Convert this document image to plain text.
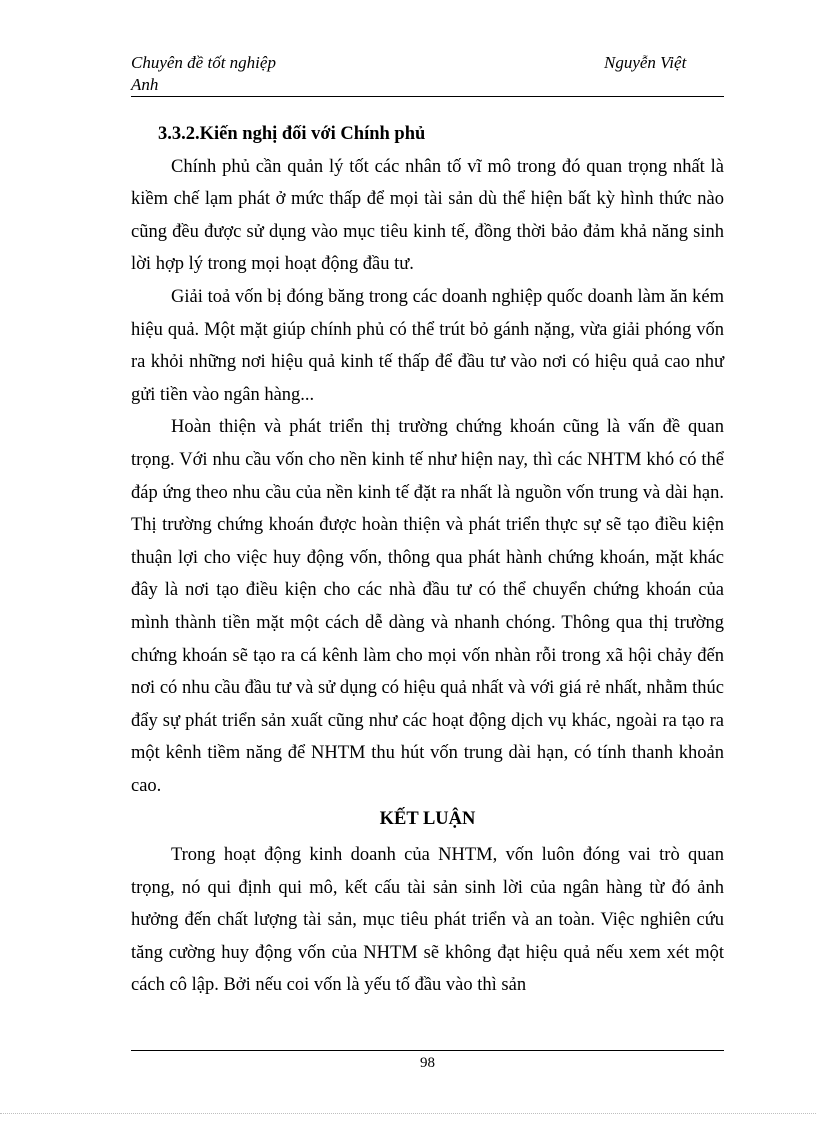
Chuyên đề tốt nghiệp
Anh
Nguyễn Việt
3.3.2.Kiến nghị đối với Chính phủ

Chính phủ cần quản lý tốt các nhân tố vĩ mô trong đó quan trọng nhất là kiềm chế lạm phát ở mức thấp để mọi tài sản dù thể hiện bất kỳ hình thức nào cũng đều được sử dụng vào mục tiêu kinh tế, đồng thời bảo đảm khả năng sinh lời hợp lý trong mọi hoạt động đầu tư.

Giải toả vốn bị đóng băng trong các doanh nghiệp quốc doanh làm ăn kém hiệu quả. Một mặt giúp chính phủ có thể trút bỏ gánh nặng, vừa giải phóng vốn ra khỏi những nơi hiệu quả kinh tế thấp để đầu tư vào nơi có hiệu quả cao như gửi tiền vào ngân hàng...

Hoàn thiện và phát triển thị trường chứng khoán cũng là vấn đề quan trọng. Với nhu cầu vốn cho nền kinh tế như hiện nay, thì các NHTM khó có thể đáp ứng theo nhu cầu của nền kinh tế đặt ra nhất là nguồn vốn trung và dài hạn. Thị trường chứng khoán được hoàn thiện và phát triển thực sự sẽ tạo điều kiện thuận lợi cho việc huy động vốn, thông qua phát hành chứng khoán, mặt khác đây là nơi tạo điều kiện cho các nhà đầu tư có thể chuyển chứng khoán của mình thành tiền mặt một cách dễ dàng và nhanh chóng. Thông qua thị trường chứng khoán sẽ tạo ra cá kênh làm cho mọi vốn nhàn rỗi trong xã hội chảy đến nơi có nhu cầu đầu tư và sử dụng có hiệu quả nhất và với giá rẻ nhất, nhằm thúc đẩy sự phát triển sản xuất cũng như các hoạt động dịch vụ khác, ngoài ra tạo ra một kênh tiềm năng để NHTM thu hút vốn trung dài hạn, có tính thanh khoản cao.

KẾT LUẬN

Trong hoạt động kinh doanh của NHTM, vốn luôn đóng vai trò quan trọng, nó qui định qui mô, kết cấu tài sản sinh lời của ngân hàng từ đó ảnh hưởng đến chất lượng tài sản, mục tiêu phát triển và an toàn. Việc nghiên cứu tăng cường huy động vốn của NHTM sẽ không đạt hiệu quả nếu xem xét một cách cô lập. Bởi nếu coi vốn là yếu tố đầu vào thì sản

98
